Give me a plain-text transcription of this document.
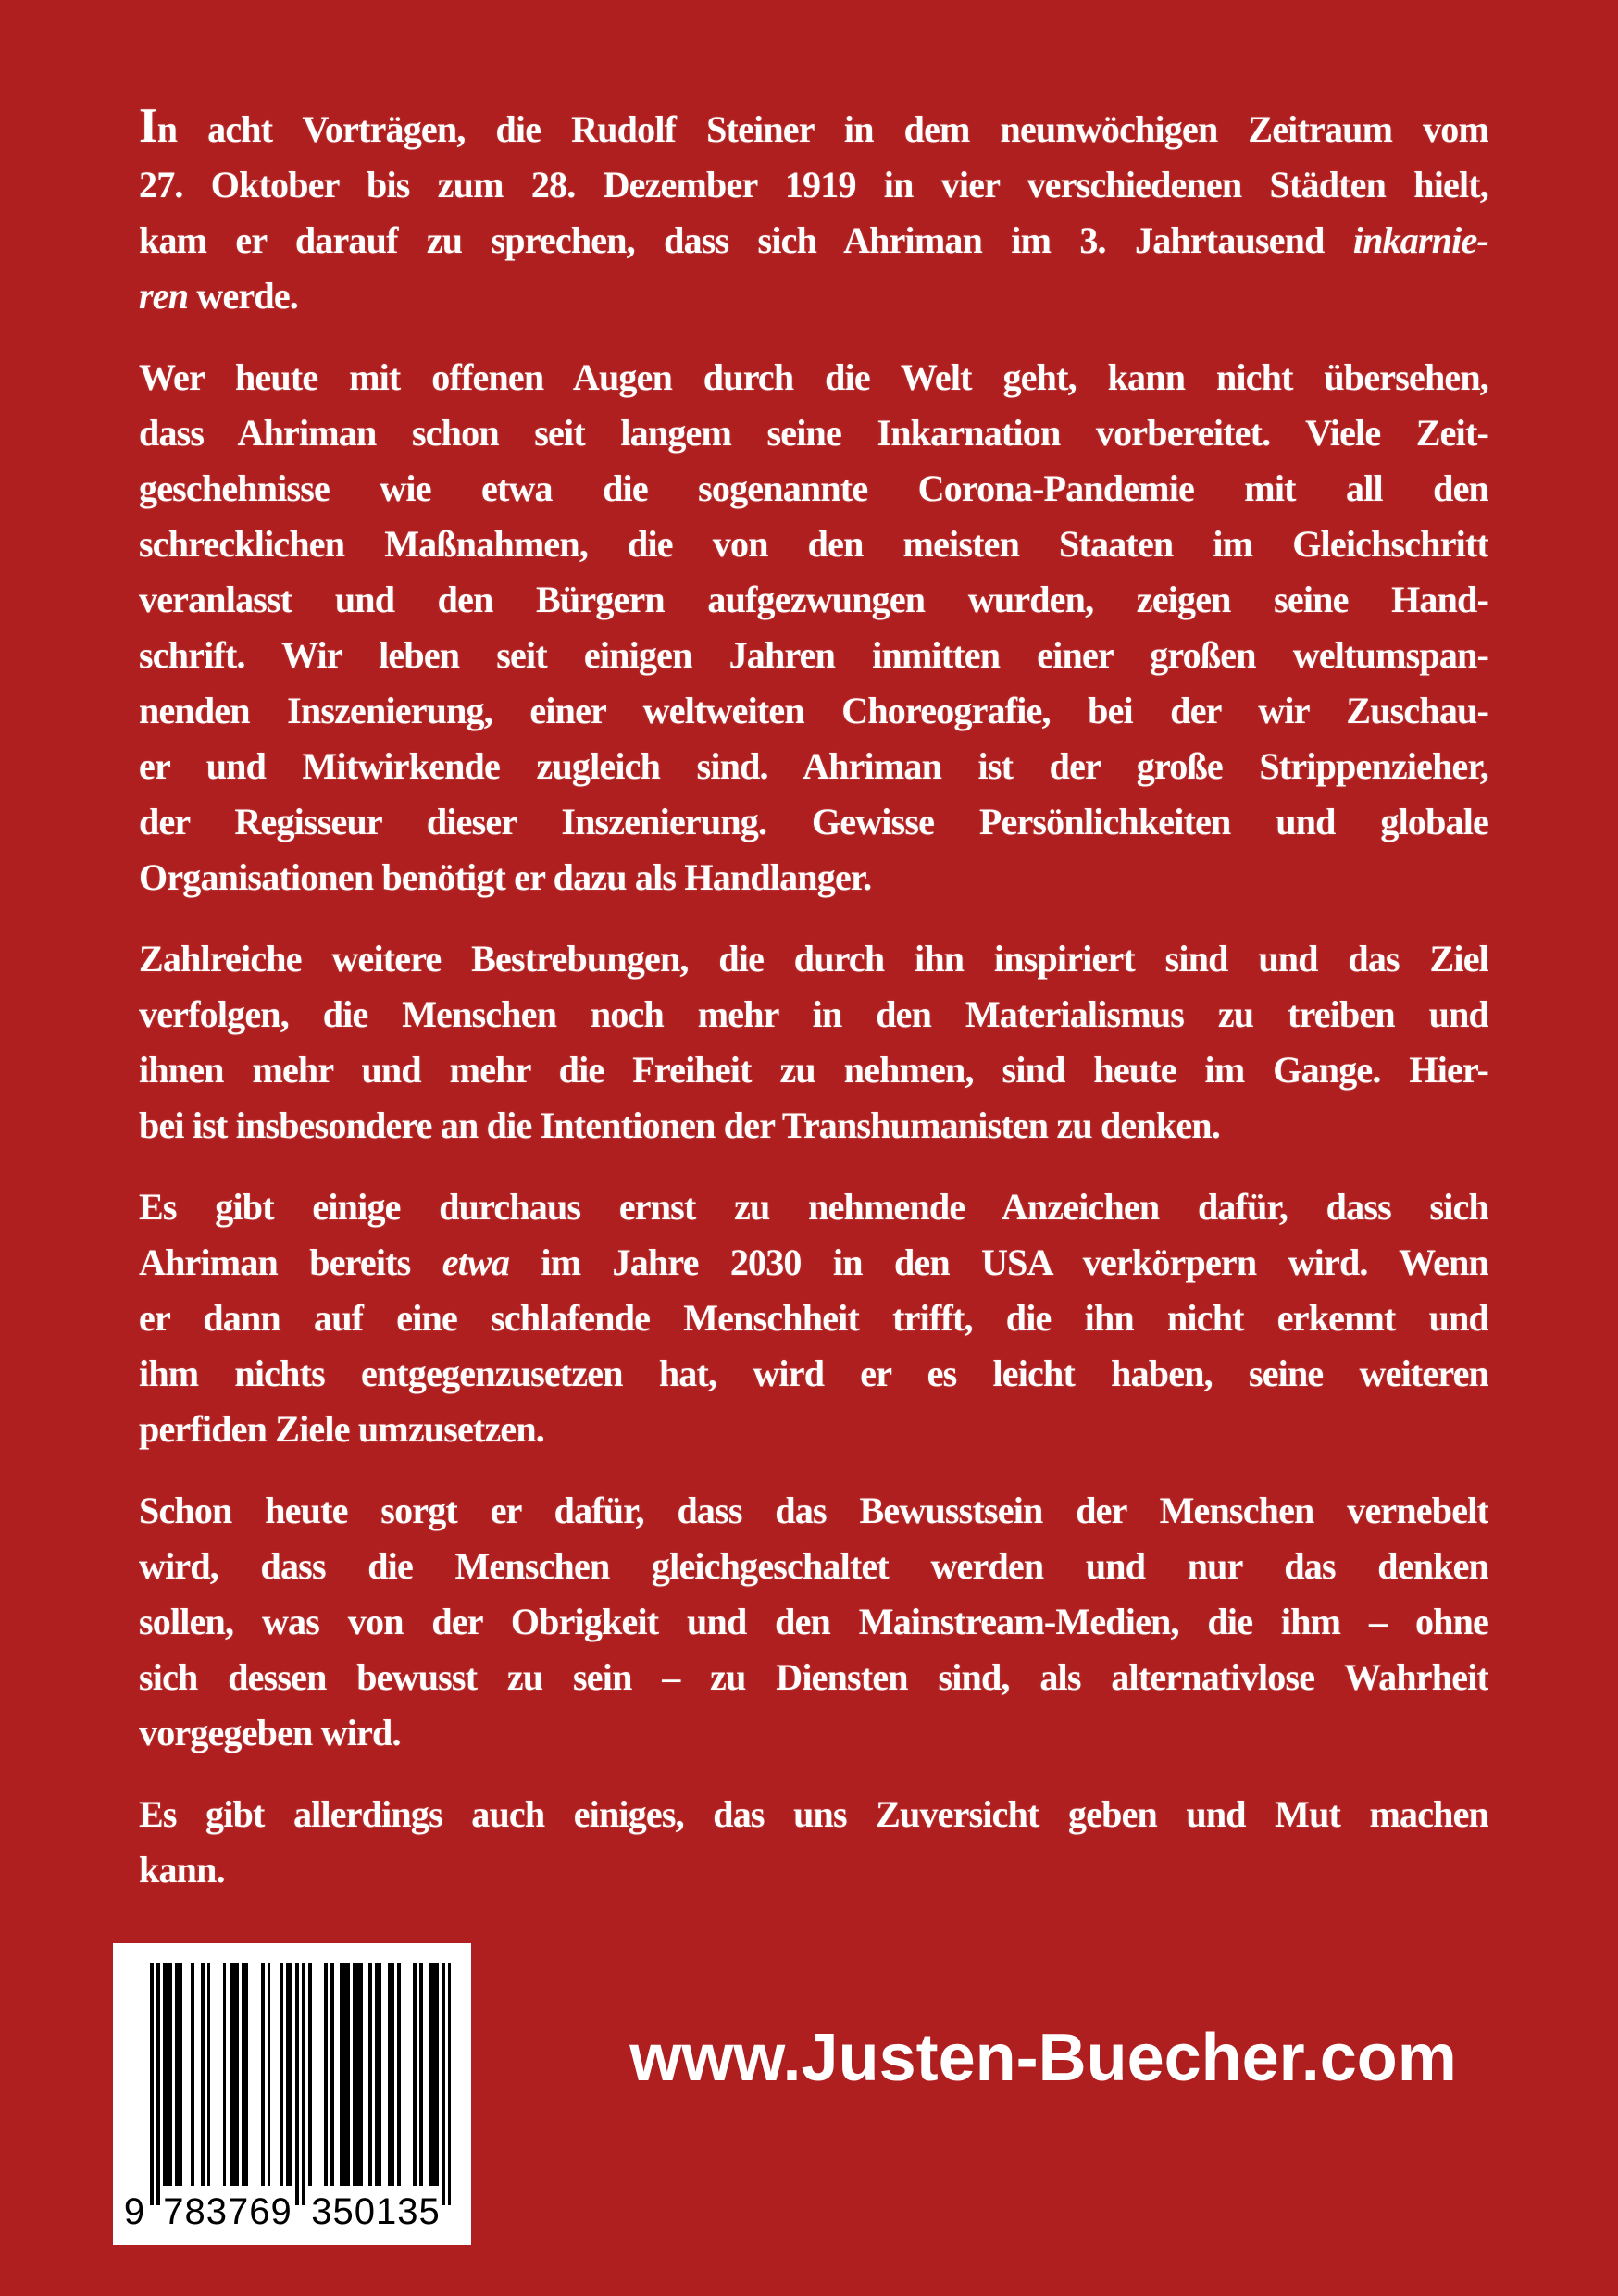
In acht Vorträgen, die Rudolf Steiner in dem neunwöchigen Zeitraum vom
27. Oktober bis zum 28. Dezember 1919 in vier verschiedenen Städten hielt,
kam er darauf zu sprechen, dass sich Ahriman im 3. Jahrtausend inkarnie-
ren werde.
Wer heute mit offenen Augen durch die Welt geht, kann nicht übersehen,
dass Ahriman schon seit langem seine Inkarnation vorbereitet. Viele Zeit-
geschehnisse wie etwa die sogenannte Corona-Pandemie mit all den
schrecklichen Maßnahmen, die von den meisten Staaten im Gleichschritt
veranlasst und den Bürgern aufgezwungen wurden, zeigen seine Hand-
schrift. Wir leben seit einigen Jahren inmitten einer großen weltumspan-
nenden Inszenierung, einer weltweiten Choreografie, bei der wir Zuschau-
er und Mitwirkende zugleich sind. Ahriman ist der große Strippenzieher,
der Regisseur dieser Inszenierung. Gewisse Persönlichkeiten und globale
Organisationen benötigt er dazu als Handlanger.
Zahlreiche weitere Bestrebungen, die durch ihn inspiriert sind und das Ziel
verfolgen, die Menschen noch mehr in den Materialismus zu treiben und
ihnen mehr und mehr die Freiheit zu nehmen, sind heute im Gange. Hier-
bei ist insbesondere an die Intentionen der Transhumanisten zu denken.
Es gibt einige durchaus ernst zu nehmende Anzeichen dafür, dass sich
Ahriman bereits etwa im Jahre 2030 in den USA verkörpern wird. Wenn
er dann auf eine schlafende Menschheit trifft, die ihn nicht erkennt und
ihm nichts entgegenzusetzen hat, wird er es leicht haben, seine weiteren
perfiden Ziele umzusetzen.
Schon heute sorgt er dafür, dass das Bewusstsein der Menschen vernebelt
wird, dass die Menschen gleichgeschaltet werden und nur das denken
sollen, was von der Obrigkeit und den Mainstream-Medien, die ihm – ohne
sich dessen bewusst zu sein – zu Diensten sind, als alternativlose Wahrheit
vorgegeben wird.
Es gibt allerdings auch einiges, das uns Zuversicht geben und Mut machen
kann.
9 783769 350135
www.Justen-Buecher.com
